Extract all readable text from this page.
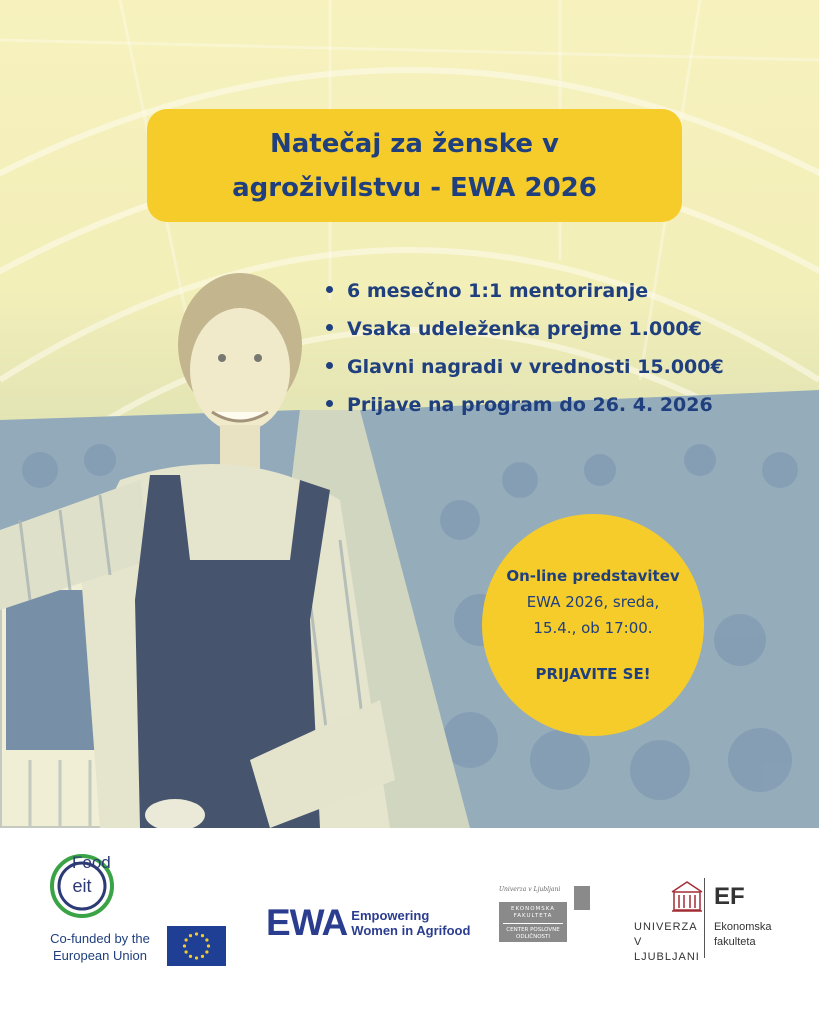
Natečaj za ženske v agroživilstvu - EWA 2026
6 mesečno 1:1 mentoriranje
Vsaka udeleženka prejme 1.000€
Glavni nagradi v vrednosti 15.000€
Prijave na program do 26. 4. 2026
On-line predstavitev
EWA 2026, sreda,
15.4., ob 17:00.
PRIJAVITE SE!
eit
Food
Co-funded by the
European Union
EWA Empowering
Women in Agrifood
Univerza v Ljubljani
EKONOMSKA
FAKULTETA
CENTER POSLOVNE
ODLIČNOSTI
UNIVERZA
V LJUBLJANI
EF
Ekonomska
fakulteta
